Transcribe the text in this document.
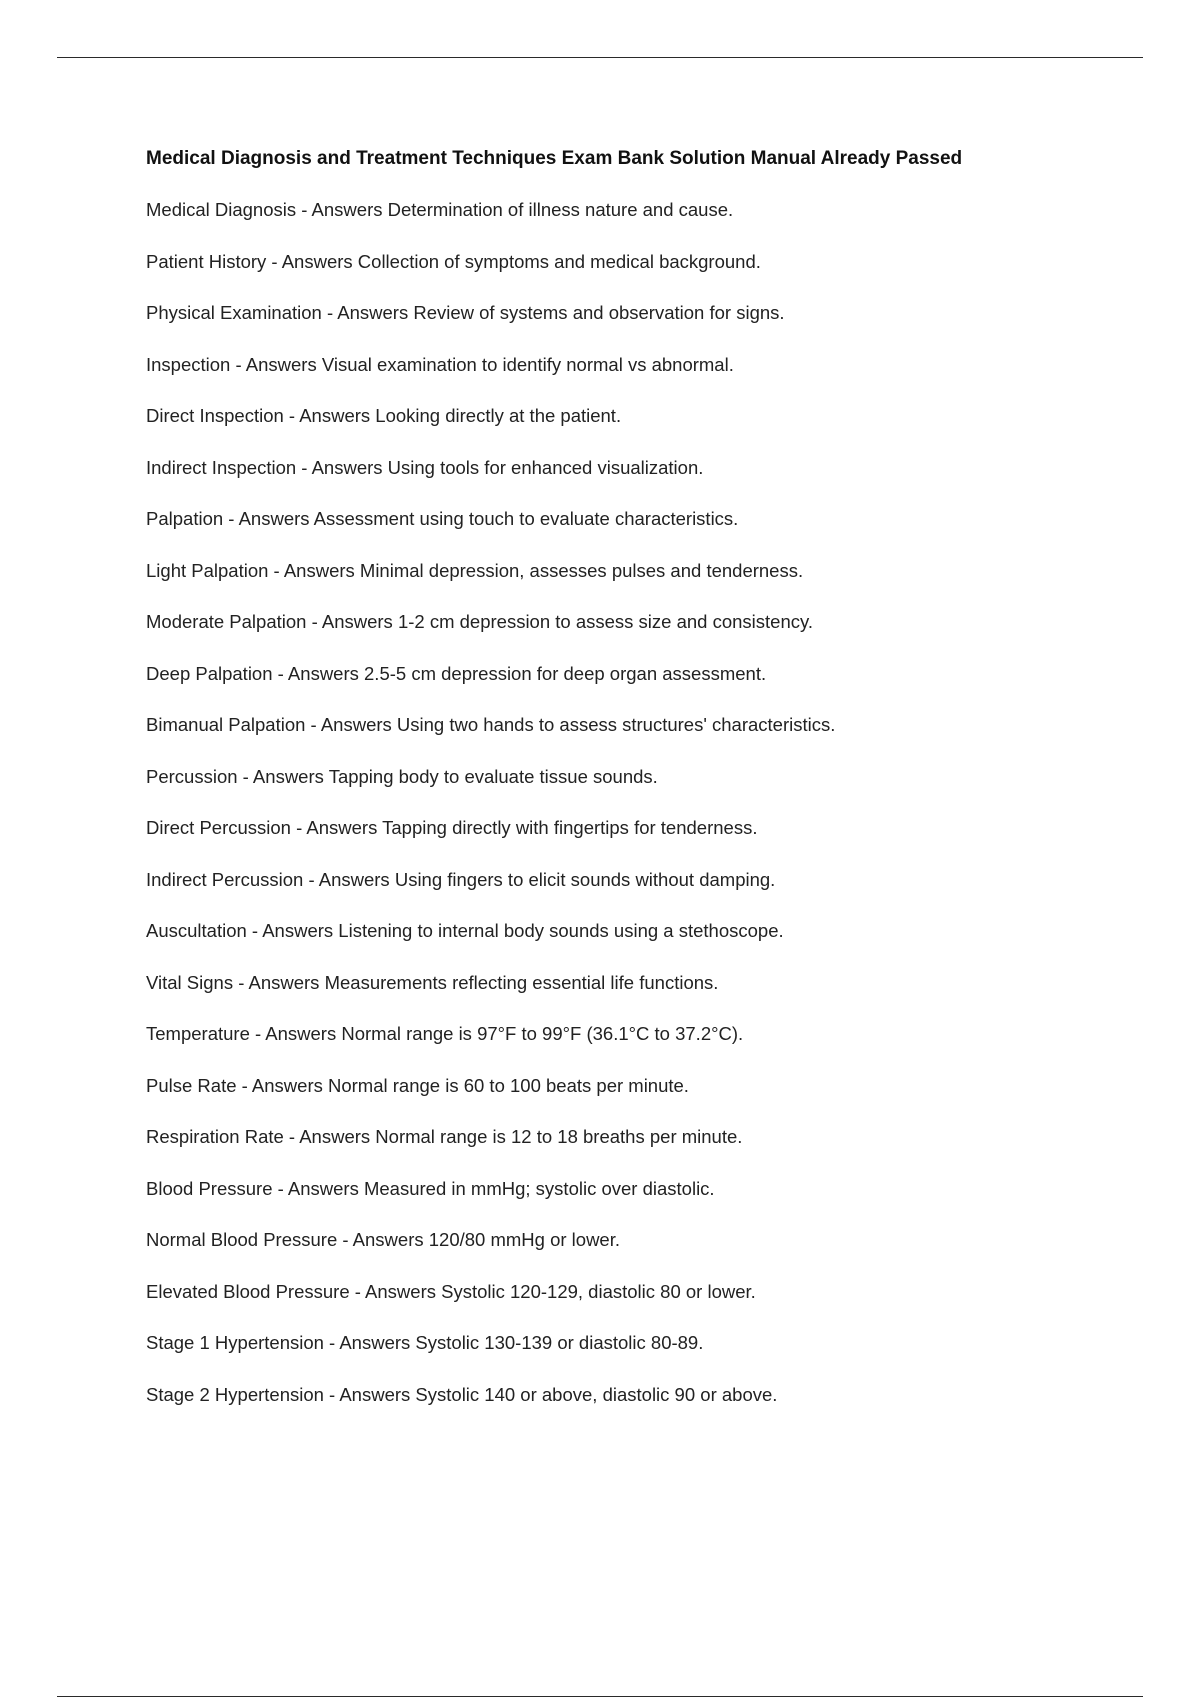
Medical Diagnosis and Treatment Techniques Exam Bank Solution Manual Already Passed
Medical Diagnosis - Answers Determination of illness nature and cause.
Patient History - Answers Collection of symptoms and medical background.
Physical Examination - Answers Review of systems and observation for signs.
Inspection - Answers Visual examination to identify normal vs abnormal.
Direct Inspection - Answers Looking directly at the patient.
Indirect Inspection - Answers Using tools for enhanced visualization.
Palpation - Answers Assessment using touch to evaluate characteristics.
Light Palpation - Answers Minimal depression, assesses pulses and tenderness.
Moderate Palpation - Answers 1-2 cm depression to assess size and consistency.
Deep Palpation - Answers 2.5-5 cm depression for deep organ assessment.
Bimanual Palpation - Answers Using two hands to assess structures' characteristics.
Percussion - Answers Tapping body to evaluate tissue sounds.
Direct Percussion - Answers Tapping directly with fingertips for tenderness.
Indirect Percussion - Answers Using fingers to elicit sounds without damping.
Auscultation - Answers Listening to internal body sounds using a stethoscope.
Vital Signs - Answers Measurements reflecting essential life functions.
Temperature - Answers Normal range is 97°F to 99°F (36.1°C to 37.2°C).
Pulse Rate - Answers Normal range is 60 to 100 beats per minute.
Respiration Rate - Answers Normal range is 12 to 18 breaths per minute.
Blood Pressure - Answers Measured in mmHg; systolic over diastolic.
Normal Blood Pressure - Answers 120/80 mmHg or lower.
Elevated Blood Pressure - Answers Systolic 120-129, diastolic 80 or lower.
Stage 1 Hypertension - Answers Systolic 130-139 or diastolic 80-89.
Stage 2 Hypertension - Answers Systolic 140 or above, diastolic 90 or above.
